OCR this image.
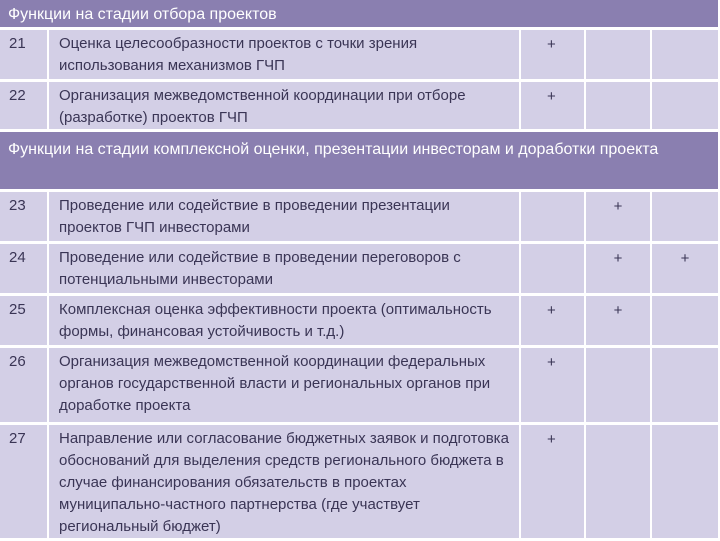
Функции на стадии отбора проектов				
21	Оценка целесообразности проектов с точки зрения использования механизмов ГЧП	+		
22	Организация межведомственной координации при отборе (разработке) проектов ГЧП	+		
Функции на стадии комплексной оценки, презентации инвесторам и доработки проекта				
23	Проведение или содействие в проведении презентации проектов ГЧП инвесторами		+	
24	Проведение или содействие в проведении переговоров с потенциальными инвесторами		+	+
25	Комплексная оценка эффективности проекта (оптимальность формы, финансовая устойчивость и т.д.)	+	+	
26	Организация межведомственной координации федеральных органов государственной власти и региональных органов при доработке проекта	+		
27	Направление или согласование бюджетных заявок и подготовка обоснований для выделения средств регионального бюджета в случае финансирования обязательств в проектах муниципально-частного партнерства (где участвует региональный бюджет)	+		
